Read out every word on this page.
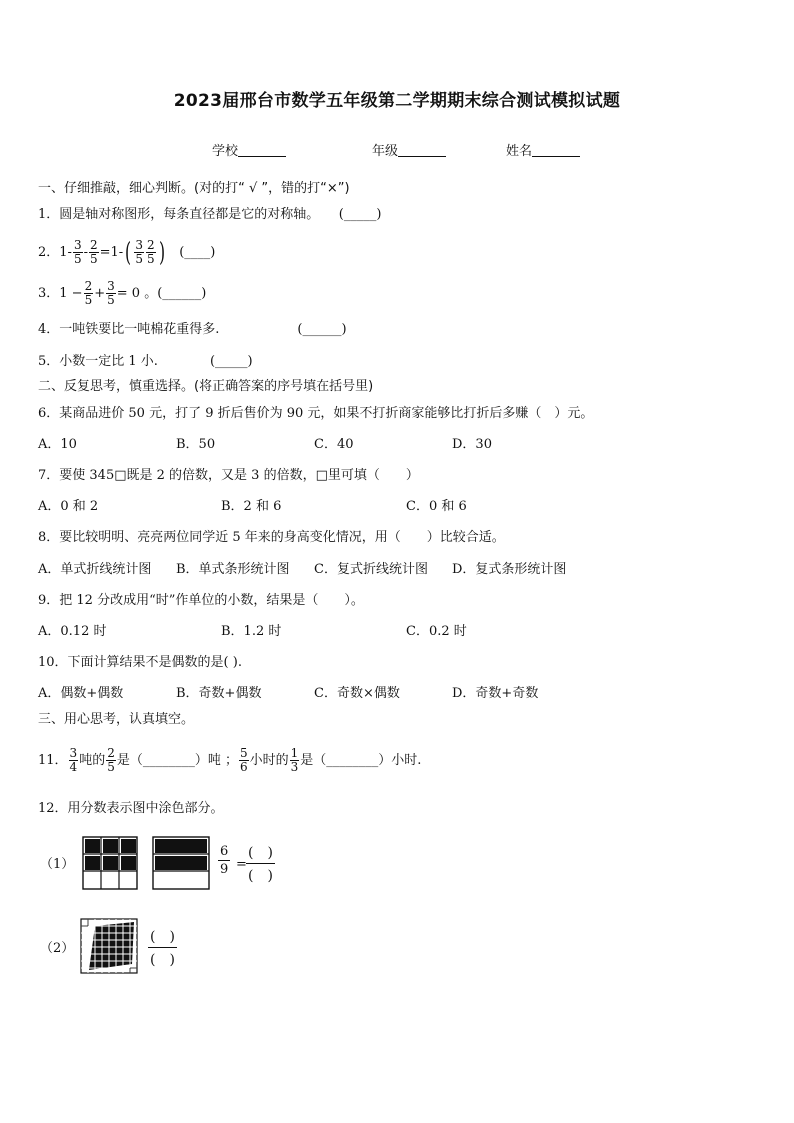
2023届邢台市数学五年级第二学期期末综合测试模拟试题
学校	年级	姓名
一、仔细推敲，细心判断。(对的打“ √ ”，错的打“×”)
1．圆是轴对称图形，每条直径都是它的对称轴。　　(_____)
2．$1- \frac{3}{5} - \frac{2}{5} =1-( \frac{3}{5} \frac{2}{5}$ ) (____)
3．$1 - \frac{2}{5} + \frac{3}{5} = 0$ 。(______)
4．一吨铁要比一吨棉花重得多.　　　　　　(______)
5．小数一定比 1 小.　　　　(_____)
二、反复思考，慎重选择。(将正确答案的序号填在括号里)
6．某商品进价 50 元，打了 9 折后售价为 90 元，如果不打折商家能够比打折后多赚（　）元。
A．10	B．50	C．40	D．30
7．要使 345□既是 2 的倍数，又是 3 的倍数，□里可填（　　）
A．0 和 2	B．2 和 6	C．0 和 6
8．要比较明明、亮亮两位同学近 5 年来的身高变化情况，用（　　）比较合适。
A．单式折线统计图 B．单式条形统计图 C．复式折线统计图 D．复式条形统计图
9．把 12 分改成用“时”作单位的小数，结果是（　　）。
A．0.12 时	B．1.2 时	C．0.2 时
10．下面计算结果不是偶数的是( ).
A．偶数+偶数	B．奇数+偶数	C．奇数×偶数	D．奇数+奇数
三、用心思考，认真填空。
11． $\frac{3}{4}$ 吨的 $\frac{2}{5}$ 是（________）吨 ； $\frac{5}{6}$ 小时的 $\frac{1}{3}$ 是（________）小时.
12．用分数表示图中涂色部分。
（1）	$\frac{6}{9}$ =
(　)
(　)
（2）
(　)
(　)
